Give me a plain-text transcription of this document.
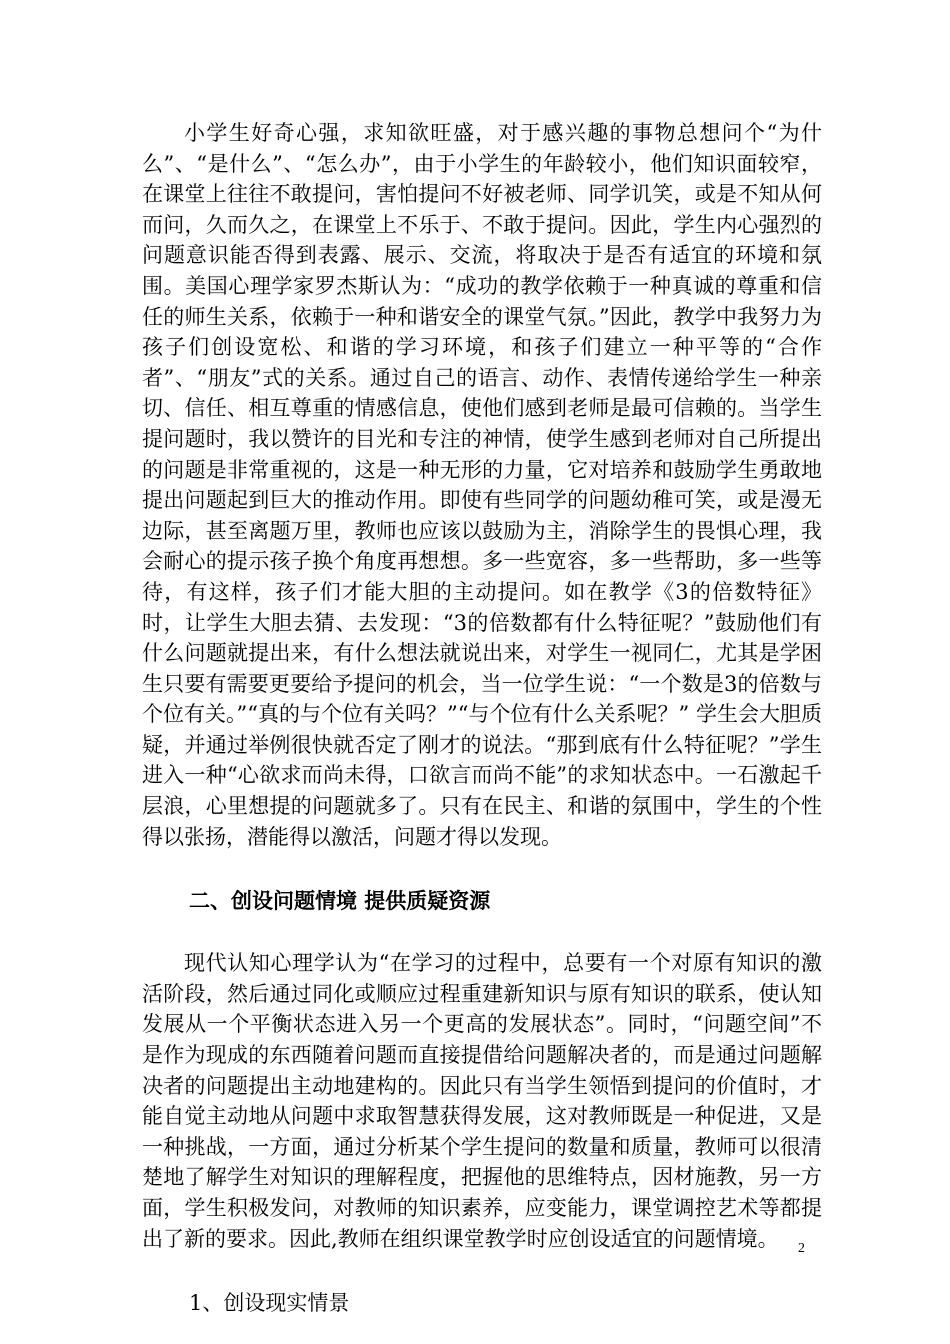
小学生好奇心强，求知欲旺盛，对于感兴趣的事物总想问个“为什么”、“是什么”、“怎么办”，由于小学生的年龄较小，他们知识面较窄，在课堂上往往不敢提问，害怕提问不好被老师、同学讥笑，或是不知从何而问，久而久之，在课堂上不乐于、不敢于提问。因此，学生内心强烈的问题意识能否得到表露、展示、交流，将取决于是否有适宜的环境和氛围。美国心理学家罗杰斯认为：“成功的教学依赖于一种真诚的尊重和信任的师生关系，依赖于一种和谐安全的课堂气氛。”因此，教学中我努力为孩子们创设宽松、和谐的学习环境，和孩子们建立一种平等的“合作者”、“朋友”式的关系。通过自己的语言、动作、表情传递给学生一种亲切、信任、相互尊重的情感信息，使他们感到老师是最可信赖的。当学生提问题时，我以赞许的目光和专注的神情，使学生感到老师对自己所提出的问题是非常重视的，这是一种无形的力量，它对培养和鼓励学生勇敢地提出问题起到巨大的推动作用。即使有些同学的问题幼稚可笑，或是漫无边际，甚至离题万里，教师也应该以鼓励为主，消除学生的畏惧心理，我会耐心的提示孩子换个角度再想想。多一些宽容，多一些帮助，多一些等待，有这样，孩子们才能大胆的主动提问。如在教学《3的倍数特征》时，让学生大胆去猜、去发现：“3的倍数都有什么特征呢？”鼓励他们有什么问题就提出来，有什么想法就说出来，对学生一视同仁，尤其是学困生只要有需要更要给予提问的机会，当一位学生说：“一个数是3的倍数与个位有关。”“真的与个位有关吗？”“与个位有什么关系呢？” 学生会大胆质疑，并通过举例很快就否定了刚才的说法。“那到底有什么特征呢？”学生进入一种“心欲求而尚未得，口欲言而尚不能”的求知状态中。一石激起千层浪，心里想提的问题就多了。只有在民主、和谐的氛围中，学生的个性得以张扬，潜能得以激活，问题才得以发现。

二、创设问题情境 提供质疑资源

现代认知心理学认为“在学习的过程中，总要有一个对原有知识的激活阶段，然后通过同化或顺应过程重建新知识与原有知识的联系，使认知发展从一个平衡状态进入另一个更高的发展状态”。同时，“问题空间”不是作为现成的东西随着问题而直接提借给问题解决者的，而是通过问题解决者的问题提出主动地建构的。因此只有当学生领悟到提问的价值时，才能自觉主动地从问题中求取智慧获得发展，这对教师既是一种促进，又是一种挑战，一方面，通过分析某个学生提问的数量和质量，教师可以很清楚地了解学生对知识的理解程度，把握他的思维特点，因材施教，另一方面，学生积极发问，对教师的知识素养，应变能力，课堂调控艺术等都提出了新的要求。因此,教师在组织课堂教学时应创设适宜的问题情境。

1、创设现实情景

2
